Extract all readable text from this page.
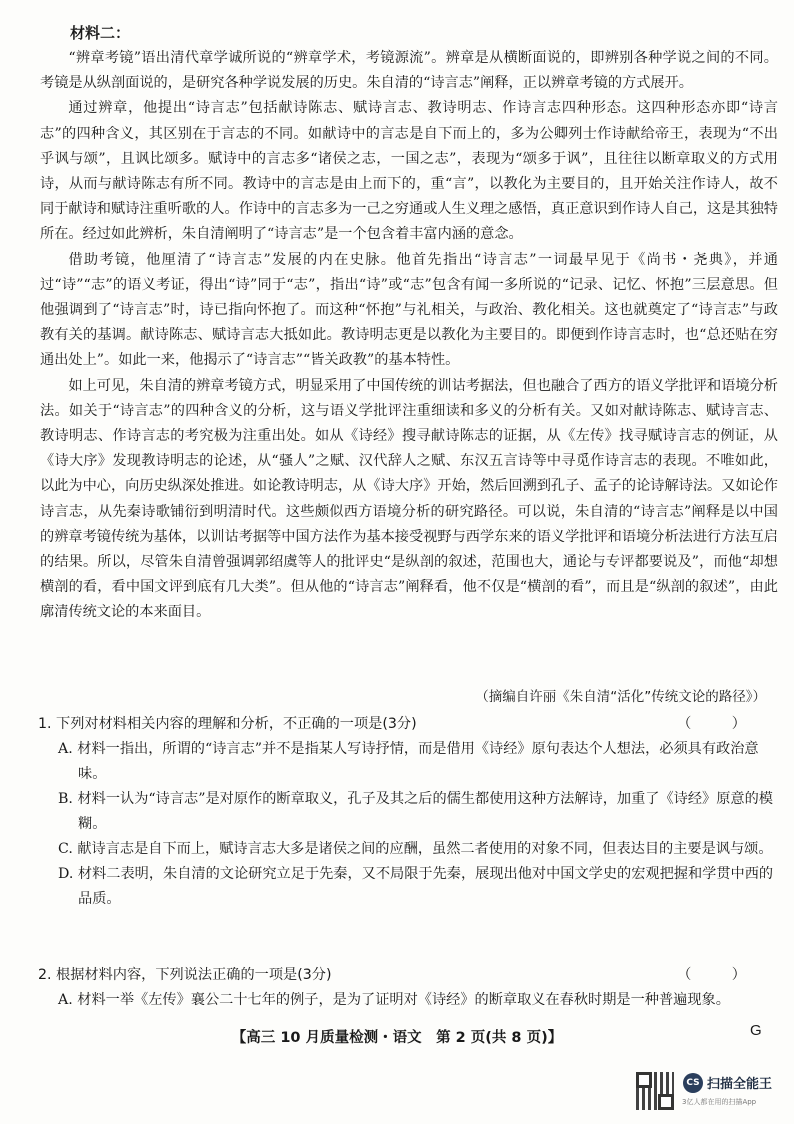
材料二：

“辨章考镜”语出清代章学诚所说的“辨章学术，考镜源流”。辨章是从横断面说的，即辨别各种学说之间的不同。考镜是从纵剖面说的，是研究各种学说发展的历史。朱自清的“诗言志”阐释，正以辨章考镜的方式展开。

通过辨章，他提出“诗言志”包括献诗陈志、赋诗言志、教诗明志、作诗言志四种形态。这四种形态亦即“诗言志”的四种含义，其区别在于言志的不同。如献诗中的言志是自下而上的，多为公卿列士作诗献给帝王，表现为“不出乎讽与颂”，且讽比颂多。赋诗中的言志多“诸侯之志，一国之志”，表现为“颂多于讽”，且往往以断章取义的方式用诗，从而与献诗陈志有所不同。教诗中的言志是由上而下的，重“言”，以教化为主要目的，且开始关注作诗人，故不同于献诗和赋诗注重听歌的人。作诗中的言志多为一己之穷通或人生义理之感悟，真正意识到作诗人自己，这是其独特所在。经过如此辨析，朱自清阐明了“诗言志”是一个包含着丰富内涵的意念。

借助考镜，他厘清了“诗言志”发展的内在史脉。他首先指出“诗言志”一词最早见于《尚书・尧典》，并通过“诗”“志”的语义考证，得出“诗”同于“志”，指出“诗”或“志”包含有闻一多所说的“记录、记忆、怀抱”三层意思。但他强调到了“诗言志”时，诗已指向怀抱了。而这种“怀抱”与礼相关，与政治、教化相关。这也就奠定了“诗言志”与政教有关的基调。献诗陈志、赋诗言志大抵如此。教诗明志更是以教化为主要目的。即便到作诗言志时，也“总还贴在穷通出处上”。如此一来，他揭示了“诗言志”“皆关政教”的基本特性。

如上可见，朱自清的辨章考镜方式，明显采用了中国传统的训诂考据法，但也融合了西方的语义学批评和语境分析法。如关于“诗言志”的四种含义的分析，这与语义学批评注重细读和多义的分析有关。又如对献诗陈志、赋诗言志、教诗明志、作诗言志的考究极为注重出处。如从《诗经》搜寻献诗陈志的证据，从《左传》找寻赋诗言志的例证，从《诗大序》发现教诗明志的论述，从“骚人”之赋、汉代辞人之赋、东汉五言诗等中寻觅作诗言志的表现。不唯如此，以此为中心，向历史纵深处推进。如论教诗明志，从《诗大序》开始，然后回溯到孔子、孟子的论诗解诗法。又如论作诗言志，从先秦诗歌铺衍到明清时代。这些颇似西方语境分析的研究路径。可以说，朱自清的“诗言志”阐释是以中国的辨章考镜传统为基体，以训诂考据等中国方法作为基本接受视野与西学东来的语义学批评和语境分析法进行方法互启的结果。所以，尽管朱自清曾强调郭绍虞等人的批评史“是纵剖的叙述，范围也大，通论与专评都要说及”，而他“却想横剖的看，看中国文评到底有几大类”。但从他的“诗言志”阐释看，他不仅是“横剖的看”，而且是“纵剖的叙述”，由此廓清传统文论的本来面目。

（摘编自许丽《朱自清“活化”传统文论的路径》）
1. 下列对材料相关内容的理解和分析，不正确的一项是(3分)	（ ）
A. 材料一指出，所谓的“诗言志”并不是指某人写诗抒情，而是借用《诗经》原句表达个人想法，必须具有政治意味。
B. 材料一认为“诗言志”是对原作的断章取义，孔子及其之后的儒生都使用这种方法解诗，加重了《诗经》原意的模糊。
C. 献诗言志是自下而上，赋诗言志大多是诸侯之间的应酬，虽然二者使用的对象不同，但表达目的主要是讽与颂。
D. 材料二表明，朱自清的文论研究立足于先秦，又不局限于先秦，展现出他对中国文学史的宏观把握和学贯中西的品质。
2. 根据材料内容，下列说法正确的一项是(3分)	（ ）
A. 材料一举《左传》襄公二十七年的例子，是为了证明对《诗经》的断章取义在春秋时期是一种普遍现象。
【高三 10 月质量检测・语文　第 2 页(共 8 页)】	G
CS 扫描全能王
3亿人都在用的扫描App
